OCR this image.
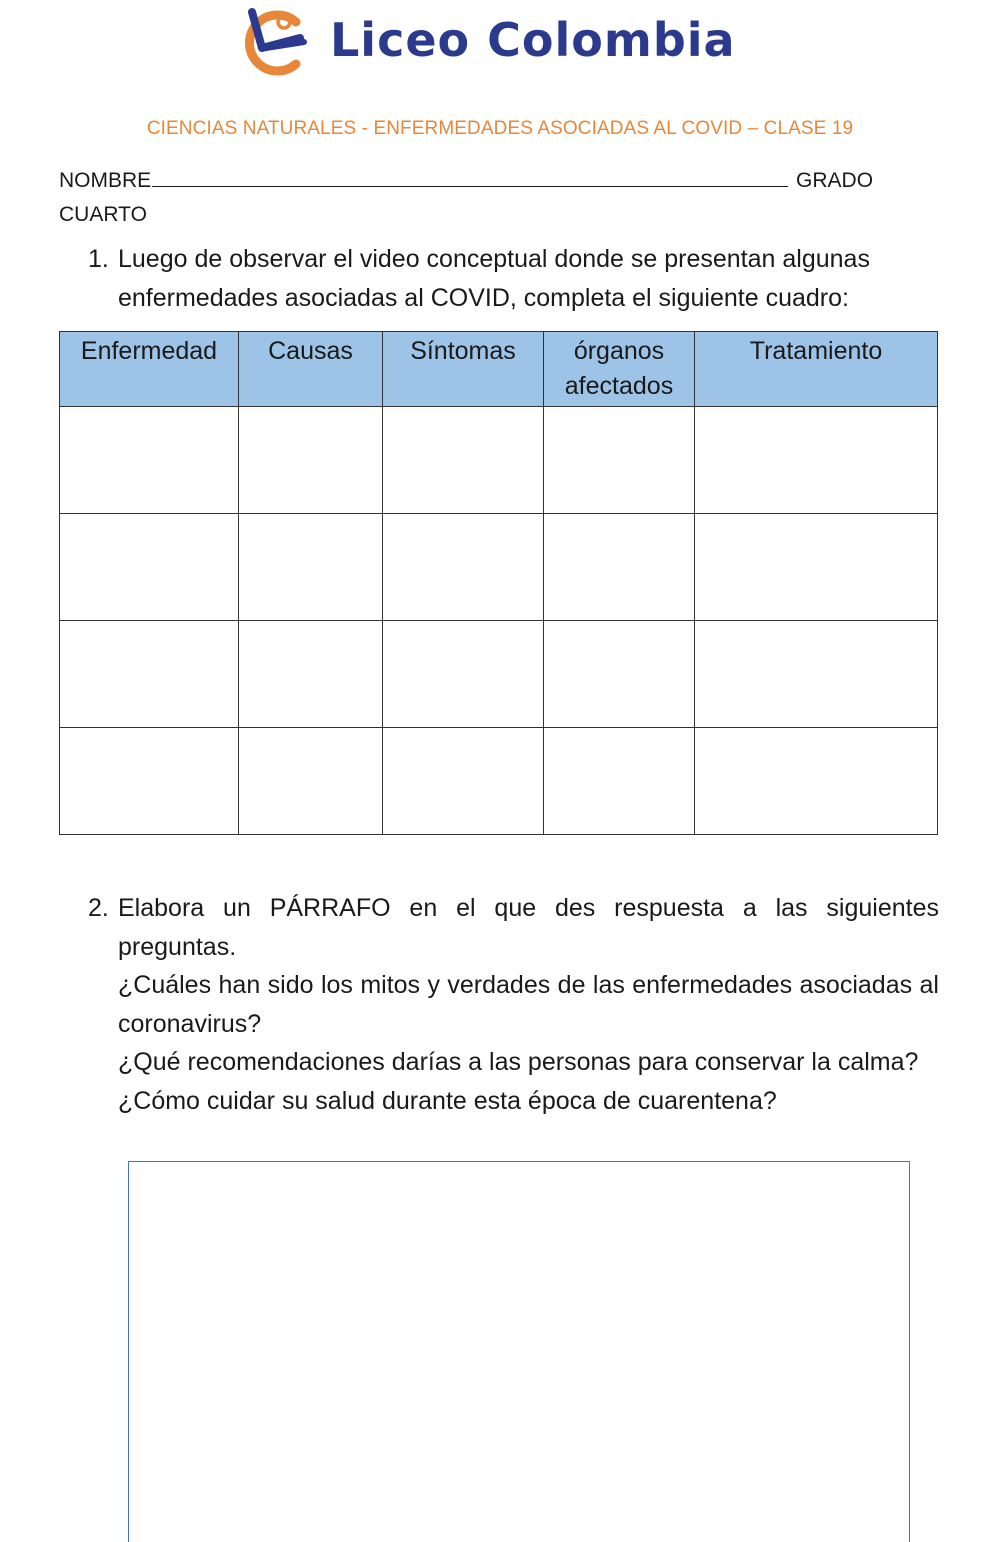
Liceo Colombia
CIENCIAS NATURALES - ENFERMEDADES ASOCIADAS AL COVID – CLASE 19
NOMBRE	GRADO
CUARTO
1. Luego de observar el video conceptual donde se presentan algunas enfermedades asociadas al COVID, completa el siguiente cuadro:
Enfermedad	Causas	Síntomas	órganos afectados	Tratamiento

2. Elabora un PÁRRAFO en el que des respuesta a las siguientes preguntas.

¿Cuáles han sido los mitos y verdades de las enfermedades asociadas al coronavirus?

¿Qué recomendaciones darías a las personas para conservar la calma?

¿Cómo cuidar su salud durante esta época de cuarentena?
